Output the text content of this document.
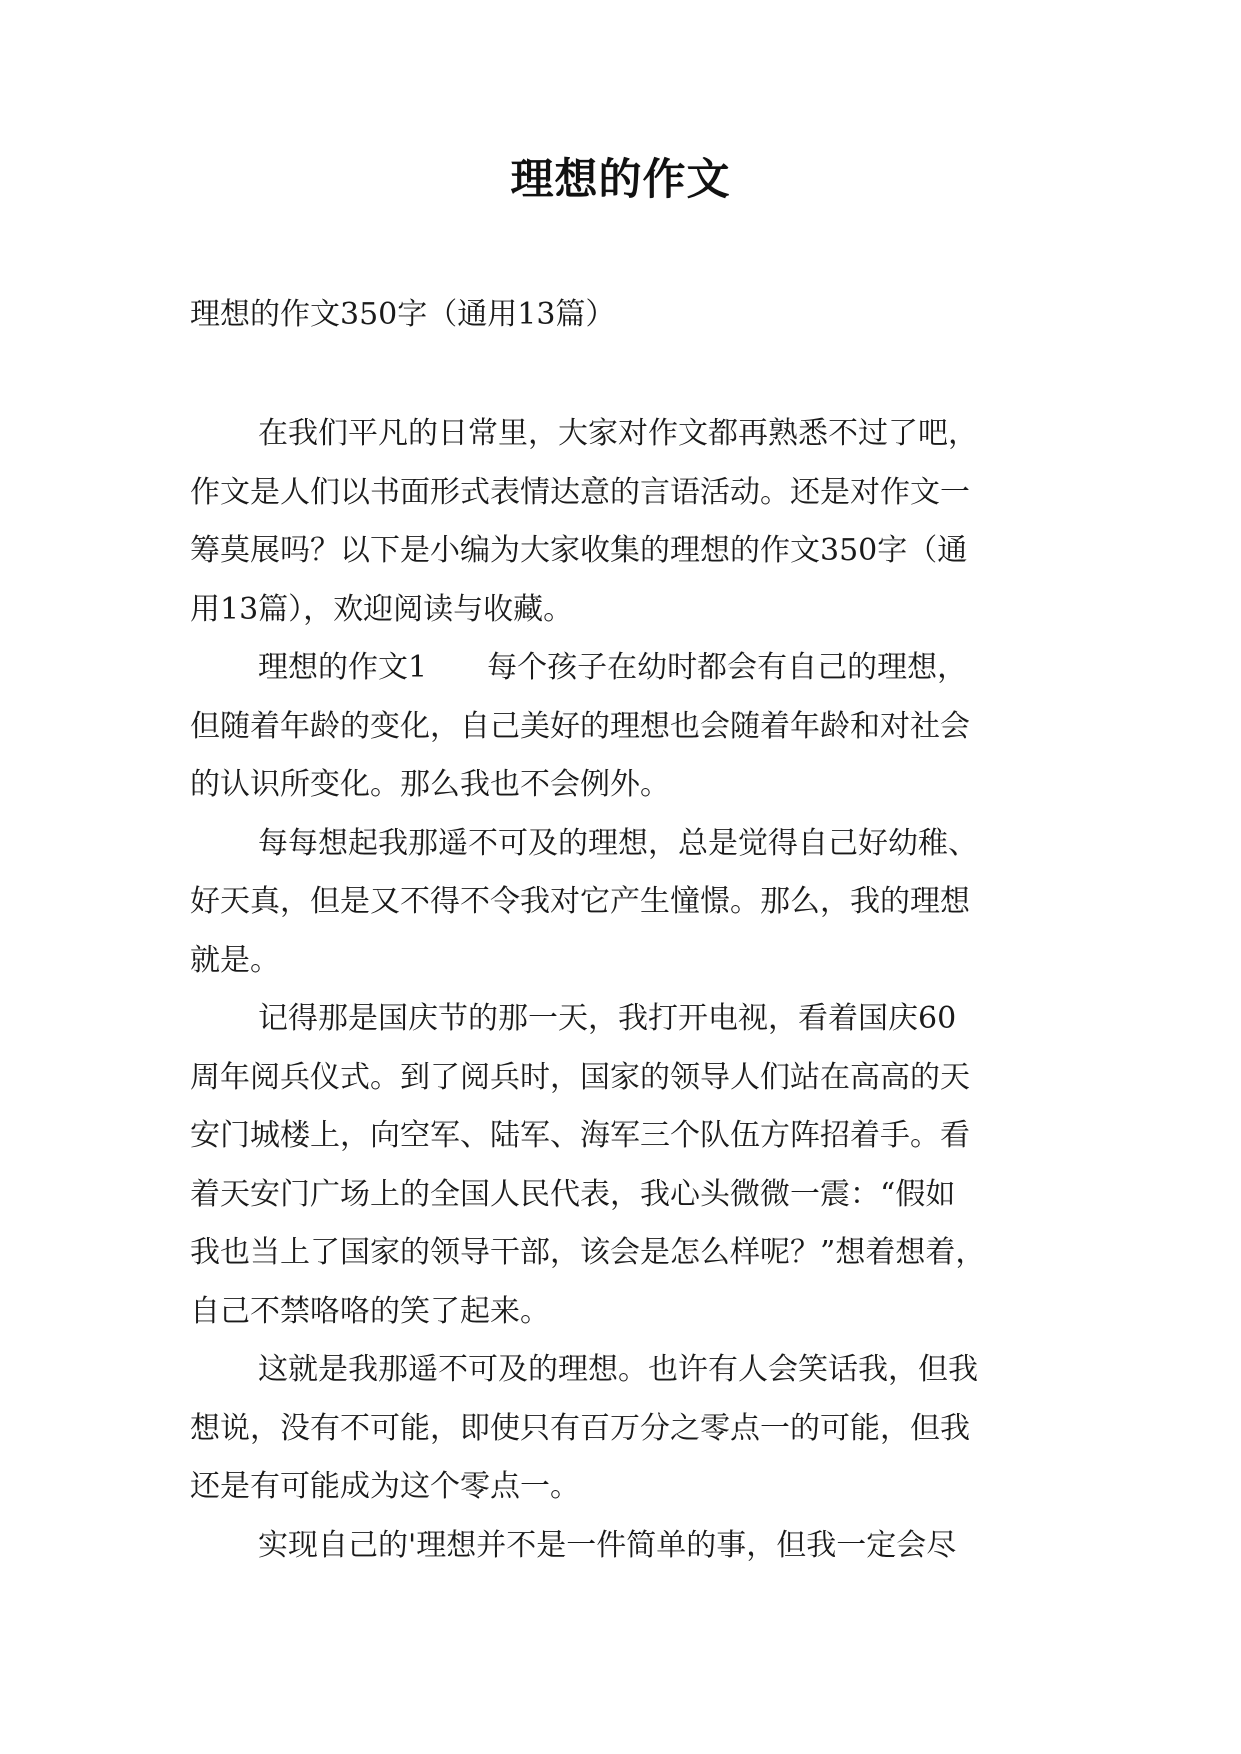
理想的作文

理想的作文350字（通用13篇）

在我们平凡的日常里，大家对作文都再熟悉不过了吧，
作文是人们以书面形式表情达意的言语活动。还是对作文一
筹莫展吗？以下是小编为大家收集的理想的作文350字（通
用13篇），欢迎阅读与收藏。

理想的作文1　　每个孩子在幼时都会有自己的理想，
但随着年龄的变化，自己美好的理想也会随着年龄和对社会
的认识所变化。那么我也不会例外。

每每想起我那遥不可及的理想，总是觉得自己好幼稚、
好天真，但是又不得不令我对它产生憧憬。那么，我的理想
就是。

记得那是国庆节的那一天，我打开电视，看着国庆60
周年阅兵仪式。到了阅兵时，国家的领导人们站在高高的天
安门城楼上，向空军、陆军、海军三个队伍方阵招着手。看
着天安门广场上的全国人民代表，我心头微微一震：“假如
我也当上了国家的领导干部，该会是怎么样呢？”想着想着，
自己不禁咯咯的笑了起来。

这就是我那遥不可及的理想。也许有人会笑话我，但我
想说，没有不可能，即使只有百万分之零点一的可能，但我
还是有可能成为这个零点一。

实现自己的'理想并不是一件简单的事，但我一定会尽
